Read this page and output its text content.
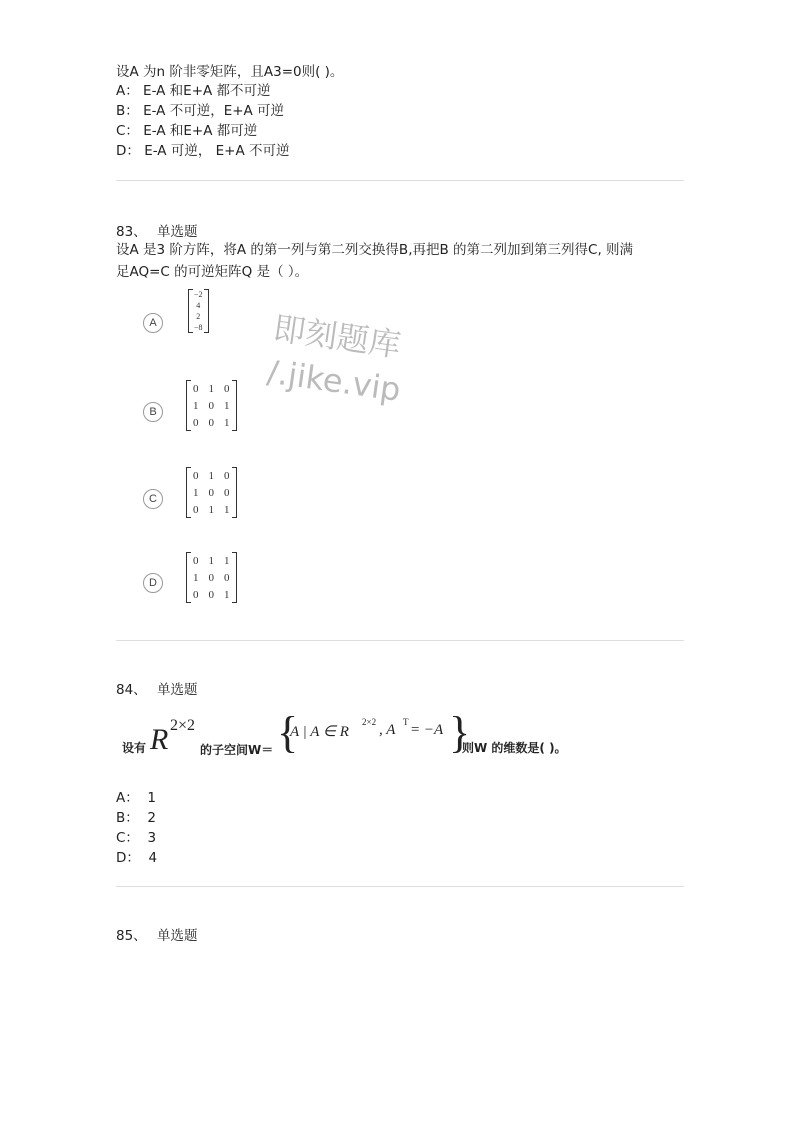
设A 为n 阶非零矩阵，且A3=0则( )。
A： E-A 和E+A 都不可逆
B： E-A 不可逆，E+A 可逆
C： E-A 和E+A 都可逆
D： E-A 可逆， E+A 不可逆
83、 单选题
设A 是3 阶方阵，将A 的第一列与第二列交换得B,再把B 的第二列加到第三列得C, 则满
足AQ=C 的可逆矩阵Q 是（ ）。
A
−2
4
2
−8
B
0	1	0
1	0	1
0	0	1
C
0	1	0
1	0	0
0	1	1
D
0	1	1
1	0	0
0	0	1
即刻题库
/.jike.vip
84、 单选题
设有 R 2×2
的子空间W＝ {
A | A ∈ R
2×2 , A T = −A }
则W 的维数是( )。
A： 1
B： 2
C： 3
D： 4
85、 单选题
